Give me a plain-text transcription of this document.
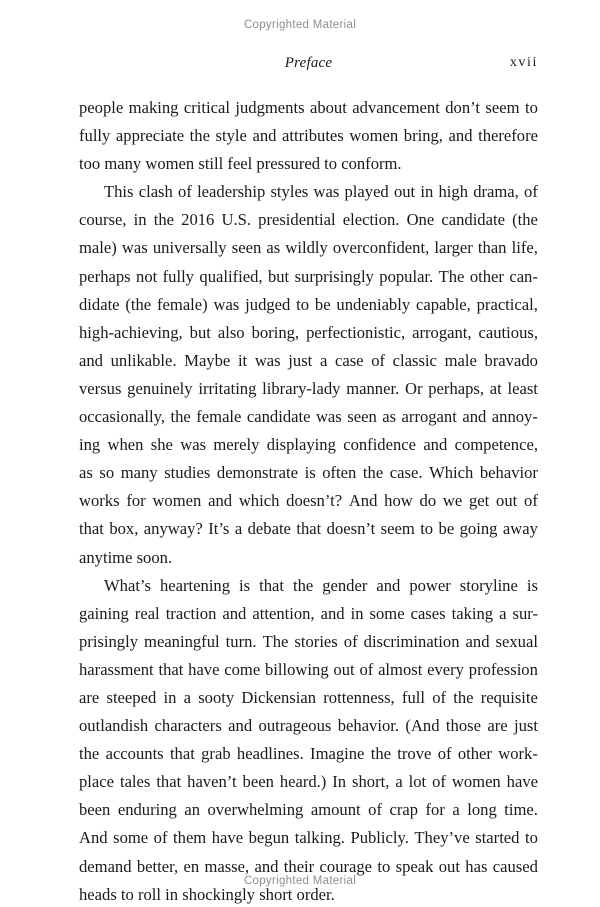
Copyrighted Material
Preface	xvii

people making critical judgments about advancement don’t seem to
fully appreciate the style and attributes women bring, and therefore
too many women still feel pressured to conform.

This clash of leadership styles was played out in high drama, of
course, in the 2016 U.S. presidential election. One candidate (the
male) was universally seen as wildly overconfident, larger than life,
perhaps not fully qualified, but surprisingly popular. The other can-
didate (the female) was judged to be undeniably capable, practical,
high-achieving, but also boring, perfectionistic, arrogant, cautious,
and unlikable. Maybe it was just a case of classic male bravado
versus genuinely irritating library-lady manner. Or perhaps, at least
occasionally, the female candidate was seen as arrogant and annoy-
ing when she was merely displaying confidence and competence,
as so many studies demonstrate is often the case. Which behavior
works for women and which doesn’t? And how do we get out of
that box, anyway? It’s a debate that doesn’t seem to be going away
anytime soon.

What’s heartening is that the gender and power storyline is
gaining real traction and attention, and in some cases taking a sur-
prisingly meaningful turn. The stories of discrimination and sexual
harassment that have come billowing out of almost every profession
are steeped in a sooty Dickensian rottenness, full of the requisite
outlandish characters and outrageous behavior. (And those are just
the accounts that grab headlines. Imagine the trove of other work-
place tales that haven’t been heard.) In short, a lot of women have
been enduring an overwhelming amount of crap for a long time.
And some of them have begun talking. Publicly. They’ve started to
demand better, en masse, and their courage to speak out has caused
heads to roll in shockingly short order.

Copyrighted Material
